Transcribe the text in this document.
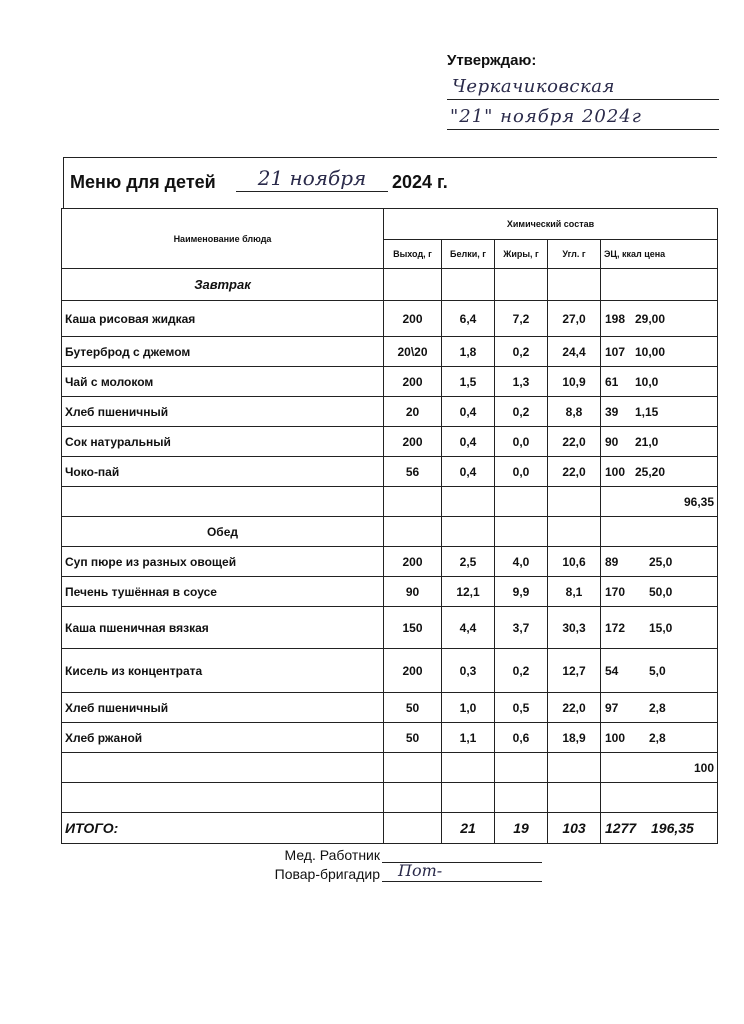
Утверждаю:
Черкачиковская
"21" ноября 2024г
Меню для детей	21 ноября	2024 г.
Наименование блюда	Химический состав				
	Выход, г	Белки, г	Жиры, г	Угл. г	ЭЦ, ккал цена
Завтрак					
Каша рисовая жидкая	200	6,4	7,2	27,0	198 29,00
Бутерброд с джемом	20\20	1,8	0,2	24,4	107 10,00
Чай с молоком	200	1,5	1,3	10,9	61 10,0
Хлеб пшеничный	20	0,4	0,2	8,8	39 1,15
Сок натуральный	200	0,4	0,0	22,0	90 21,0
Чоко-пай	56	0,4	0,0	22,0	100 25,20
					96,35
Обед					
Суп пюре из разных овощей	200	2,5	4,0	10,6	89 25,0
Печень тушённая в соусе	90	12,1	9,9	8,1	170 50,0
Каша пшеничная вязкая	150	4,4	3,7	30,3	172 15,0
Кисель из концентрата	200	0,3	0,2	12,7	54 5,0
Хлеб пшеничный	50	1,0	0,5	22,0	97 2,8
Хлеб ржаной	50	1,1	0,6	18,9	100 2,8
					100

ИТОГО:		21	19	103	1277 196,35
Мед. Работник
Повар-бригадир Пот-
